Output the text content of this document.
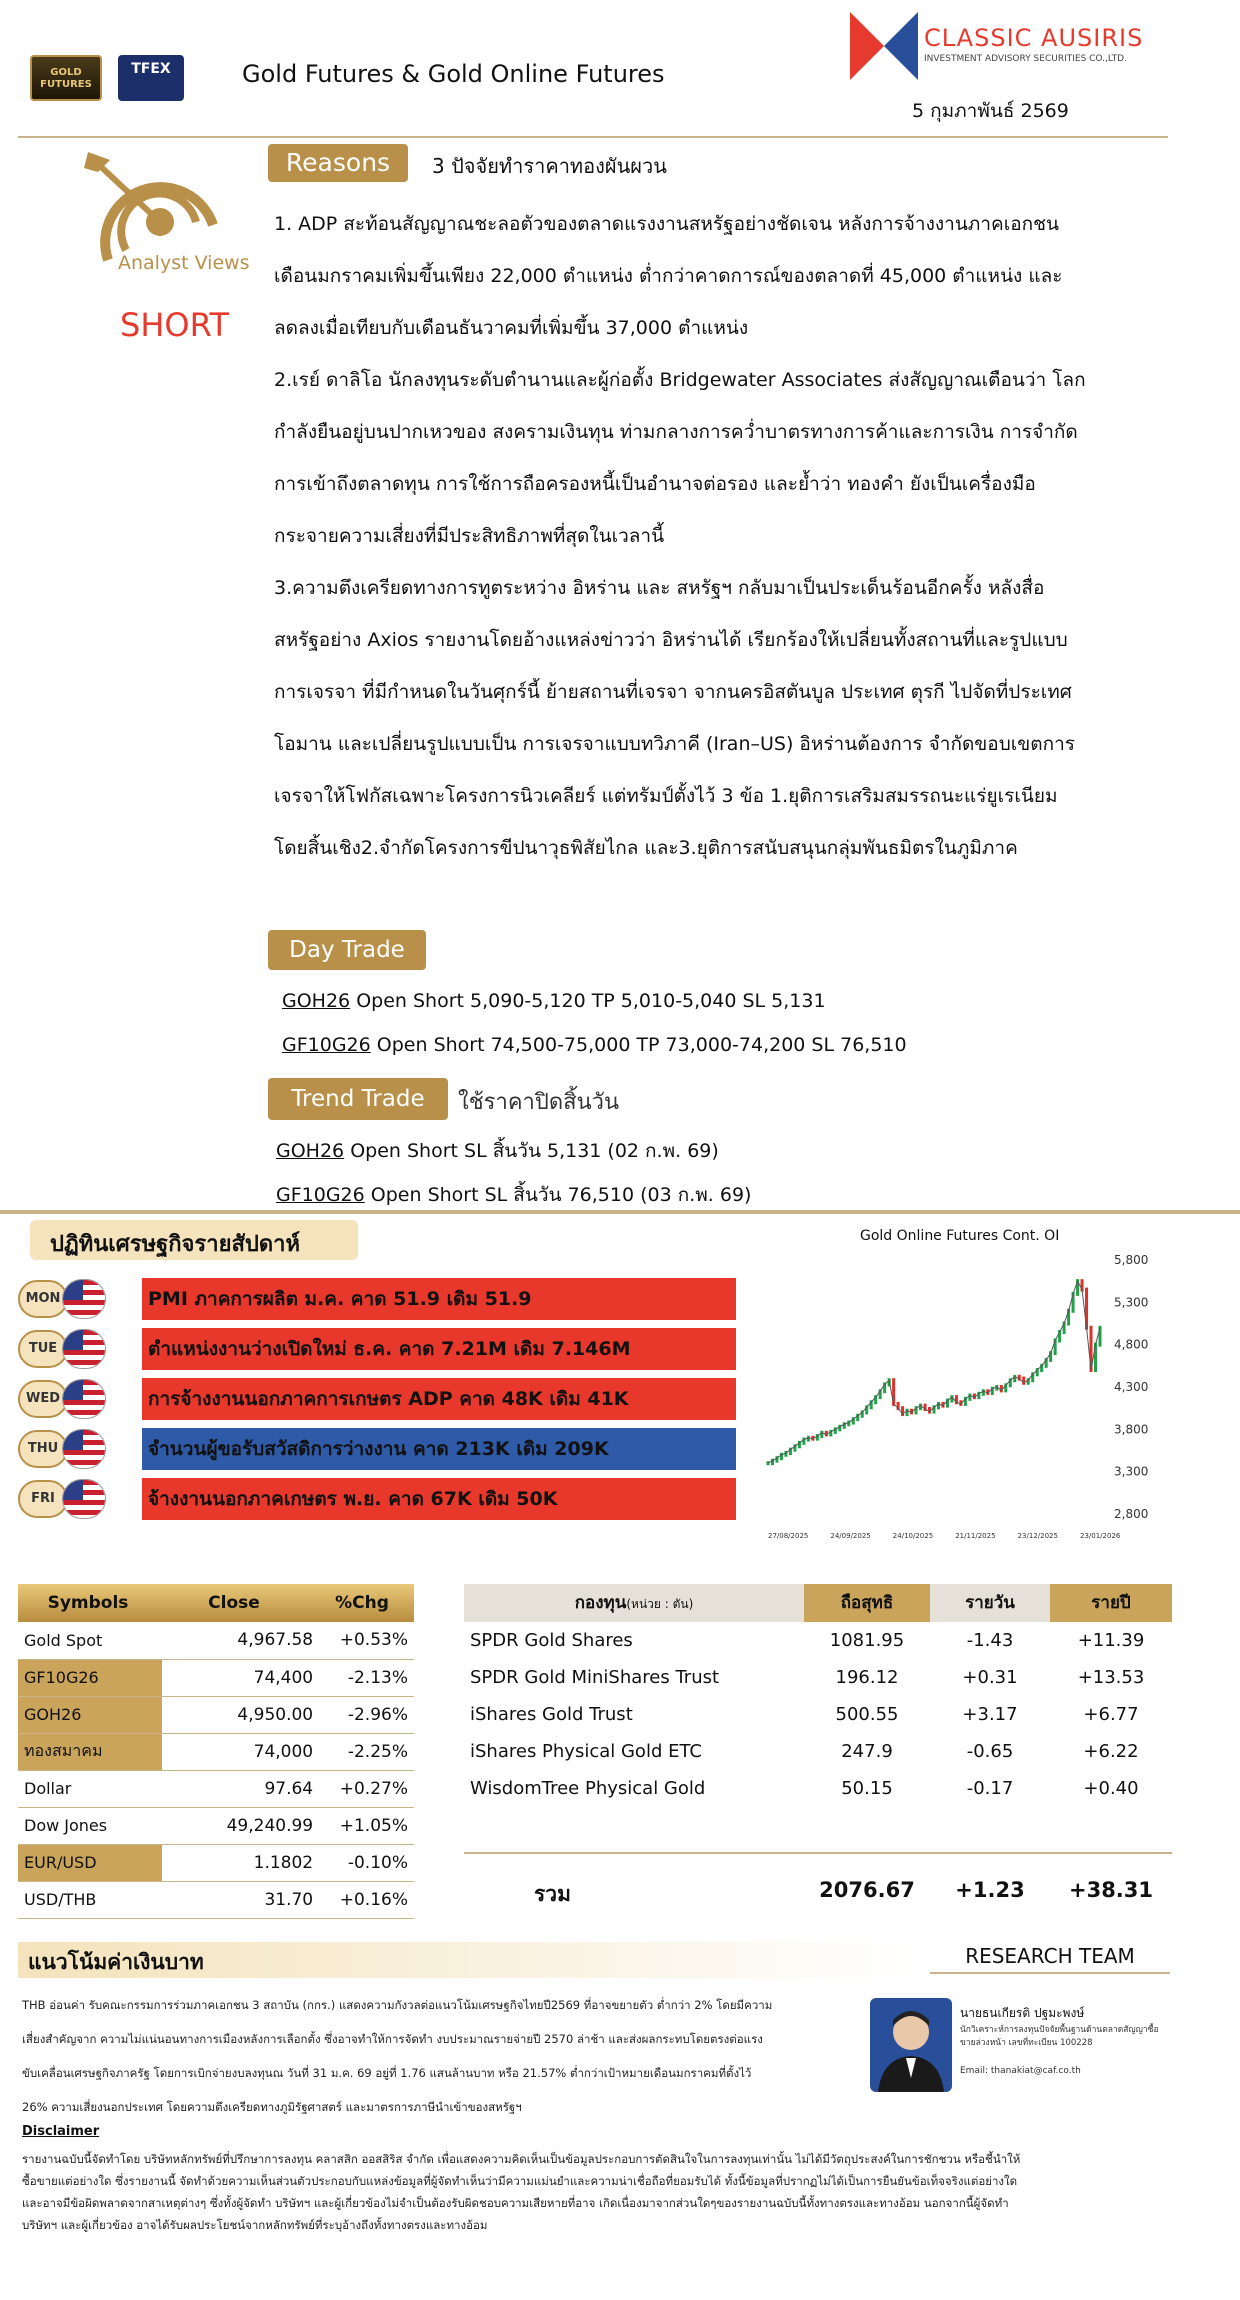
GOLD FUTURES
TFEX	Gold Futures & Gold Online Futures
CLASSIC AUSIRIS
INVESTMENT ADVISORY SECURITIES CO.,LTD.
5 กุมภาพันธ์ 2569
Analyst Views
SHORT
Reasons	3 ปัจจัยทำราคาทองผันผวน

1. ADP สะท้อนสัญญาณชะลอตัวของตลาดแรงงานสหรัฐอย่างชัดเจน หลังการจ้างงานภาคเอกชน

เดือนมกราคมเพิ่มขึ้นเพียง 22,000 ตำแหน่ง ต่ำกว่าคาดการณ์ของตลาดที่ 45,000 ตำแหน่ง และ

ลดลงเมื่อเทียบกับเดือนธันวาคมที่เพิ่มขึ้น 37,000 ตำแหน่ง

2.เรย์ ดาลิโอ นักลงทุนระดับตำนานและผู้ก่อตั้ง Bridgewater Associates ส่งสัญญาณเตือนว่า โลก

กำลังยืนอยู่บนปากเหวของ สงครามเงินทุน ท่ามกลางการคว่ำบาตรทางการค้าและการเงิน การจำกัด

การเข้าถึงตลาดทุน การใช้การถือครองหนี้เป็นอำนาจต่อรอง และย้ำว่า ทองคำ ยังเป็นเครื่องมือ

กระจายความเสี่ยงที่มีประสิทธิภาพที่สุดในเวลานี้

3.ความตึงเครียดทางการทูตระหว่าง อิหร่าน และ สหรัฐฯ กลับมาเป็นประเด็นร้อนอีกครั้ง หลังสื่อ

สหรัฐอย่าง Axios รายงานโดยอ้างแหล่งข่าวว่า อิหร่านได้ เรียกร้องให้เปลี่ยนทั้งสถานที่และรูปแบบ

การเจรจา ที่มีกำหนดในวันศุกร์นี้ ย้ายสถานที่เจรจา จากนครอิสตันบูล ประเทศ ตุรกี ไปจัดที่ประเทศ

โอมาน และเปลี่ยนรูปแบบเป็น การเจรจาแบบทวิภาคี (Iran–US) อิหร่านต้องการ จำกัดขอบเขตการ

เจรจาให้โฟกัสเฉพาะโครงการนิวเคลียร์ แต่ทรัมป์ตั้งไว้ 3 ข้อ 1.ยุติการเสริมสมรรถนะแร่ยูเรเนียม

โดยสิ้นเชิง2.จำกัดโครงการขีปนาวุธพิสัยไกล และ3.ยุติการสนับสนุนกลุ่มพันธมิตรในภูมิภาค

Day Trade
GOH26 Open Short 5,090-5,120 TP 5,010-5,040 SL 5,131
GF10G26 Open Short 74,500-75,000 TP 73,000-74,200 SL 76,510
Trend Trade	ใช้ราคาปิดสิ้นวัน
GOH26 Open Short SL สิ้นวัน 5,131 (02 ก.พ. 69)
GF10G26 Open Short SL สิ้นวัน 76,510 (03 ก.พ. 69)
ปฏิทินเศรษฐกิจรายสัปดาห์
MON	PMI ภาคการผลิต ม.ค. คาด 51.9 เดิม 51.9
TUE	ตำแหน่งงานว่างเปิดใหม่ ธ.ค. คาด 7.21M เดิม 7.146M
WED	การจ้างงานนอกภาคการเกษตร ADP คาด 48K เดิม 41K
THU	จำนวนผู้ขอรับสวัสดิการว่างงาน คาด 213K เดิม 209K
FRI	จ้างงานนอกภาคเกษตร พ.ย. คาด 67K เดิม 50K
Gold Online Futures Cont. OI
5,800
5,300
4,800
4,300
3,800
3,300
2,800
27/08/2025	24/09/2025	24/10/2025	21/11/2025	23/12/2025	23/01/2026
Symbols	Close	%Chg
Gold Spot	4,967.58	+0.53%
GF10G26	74,400	-2.13%
GOH26	4,950.00	-2.96%
ทองสมาคม	74,000	-2.25%
Dollar	97.64	+0.27%
Dow Jones	49,240.99	+1.05%
EUR/USD	1.1802	-0.10%
USD/THB	31.70	+0.16%
กองทุน(หน่วย : ตัน)	ถือสุทธิ	รายวัน	รายปี
SPDR Gold Shares	1081.95	-1.43	+11.39
SPDR Gold MiniShares Trust	196.12	+0.31	+13.53
iShares Gold Trust	500.55	+3.17	+6.77
iShares Physical Gold ETC	247.9	-0.65	+6.22
WisdomTree Physical Gold	50.15	-0.17	+0.40
รวม	2076.67	+1.23	+38.31
แนวโน้มค่าเงินบาท
THB อ่อนค่า รับคณะกรรมการร่วมภาคเอกชน 3 สถาบัน (กกร.) แสดงความกังวลต่อแนวโน้มเศรษฐกิจไทยปี2569 ที่อาจขยายตัว ต่ำกว่า 2% โดยมีความ
เสี่ยงสำคัญจาก ความไม่แน่นอนทางการเมืองหลังการเลือกตั้ง ซึ่งอาจทำให้การจัดทำ งบประมาณรายจ่ายปี 2570 ล่าช้า และส่งผลกระทบโดยตรงต่อแรง
ขับเคลื่อนเศรษฐกิจภาครัฐ โดยการเบิกจ่ายงบลงทุนณ วันที่ 31 ม.ค. 69 อยู่ที่ 1.76 แสนล้านบาท หรือ 21.57% ต่ำกว่าเป้าหมายเดือนมกราคมที่ตั้งไว้
26% ความเสี่ยงนอกประเทศ โดยความตึงเครียดทางภูมิรัฐศาสตร์ และมาตรการภาษีนำเข้าของสหรัฐฯ
RESEARCH TEAM
นายธนเกียรติ ปฐมะพงษ์
นักวิเคราะห์การลงทุนปัจจัยพื้นฐานด้านตลาดสัญญาซื้อขายล่วงหน้า เลขที่ทะเบียน 100228
Email: thanakiat@caf.co.th
Disclaimer
รายงานฉบับนี้จัดทำโดย บริษัทหลักทรัพย์ที่ปรึกษาการลงทุน คลาสสิก ออสสิริส จำกัด เพื่อแสดงความคิดเห็นเป็นข้อมูลประกอบการตัดสินใจในการลงทุนเท่านั้น ไม่ได้มีวัตถุประสงค์ในการชักชวน หรือชี้นำให้
ซื้อขายแต่อย่างใด ซึ่งรายงานนี้ จัดทำด้วยความเห็นส่วนตัวประกอบกับแหล่งข้อมูลที่ผู้จัดทำเห็นว่ามีความแม่นยำและความน่าเชื่อถือที่ยอมรับได้ ทั้งนี้ข้อมูลที่ปรากฏไม่ได้เป็นการยืนยันข้อเท็จจริงแต่อย่างใด
และอาจมีข้อผิดพลาดจากสาเหตุต่างๆ ซึ่งทั้งผู้จัดทำ บริษัทฯ และผู้เกี่ยวข้องไม่จำเป็นต้องรับผิดชอบความเสียหายที่อาจ เกิดเนื่องมาจากส่วนใดๆของรายงานฉบับนี้ทั้งทางตรงและทางอ้อม นอกจากนี้ผู้จัดทำ
บริษัทฯ และผู้เกี่ยวข้อง อาจได้รับผลประโยชน์จากหลักทรัพย์ที่ระบุอ้างถึงทั้งทางตรงและทางอ้อม
